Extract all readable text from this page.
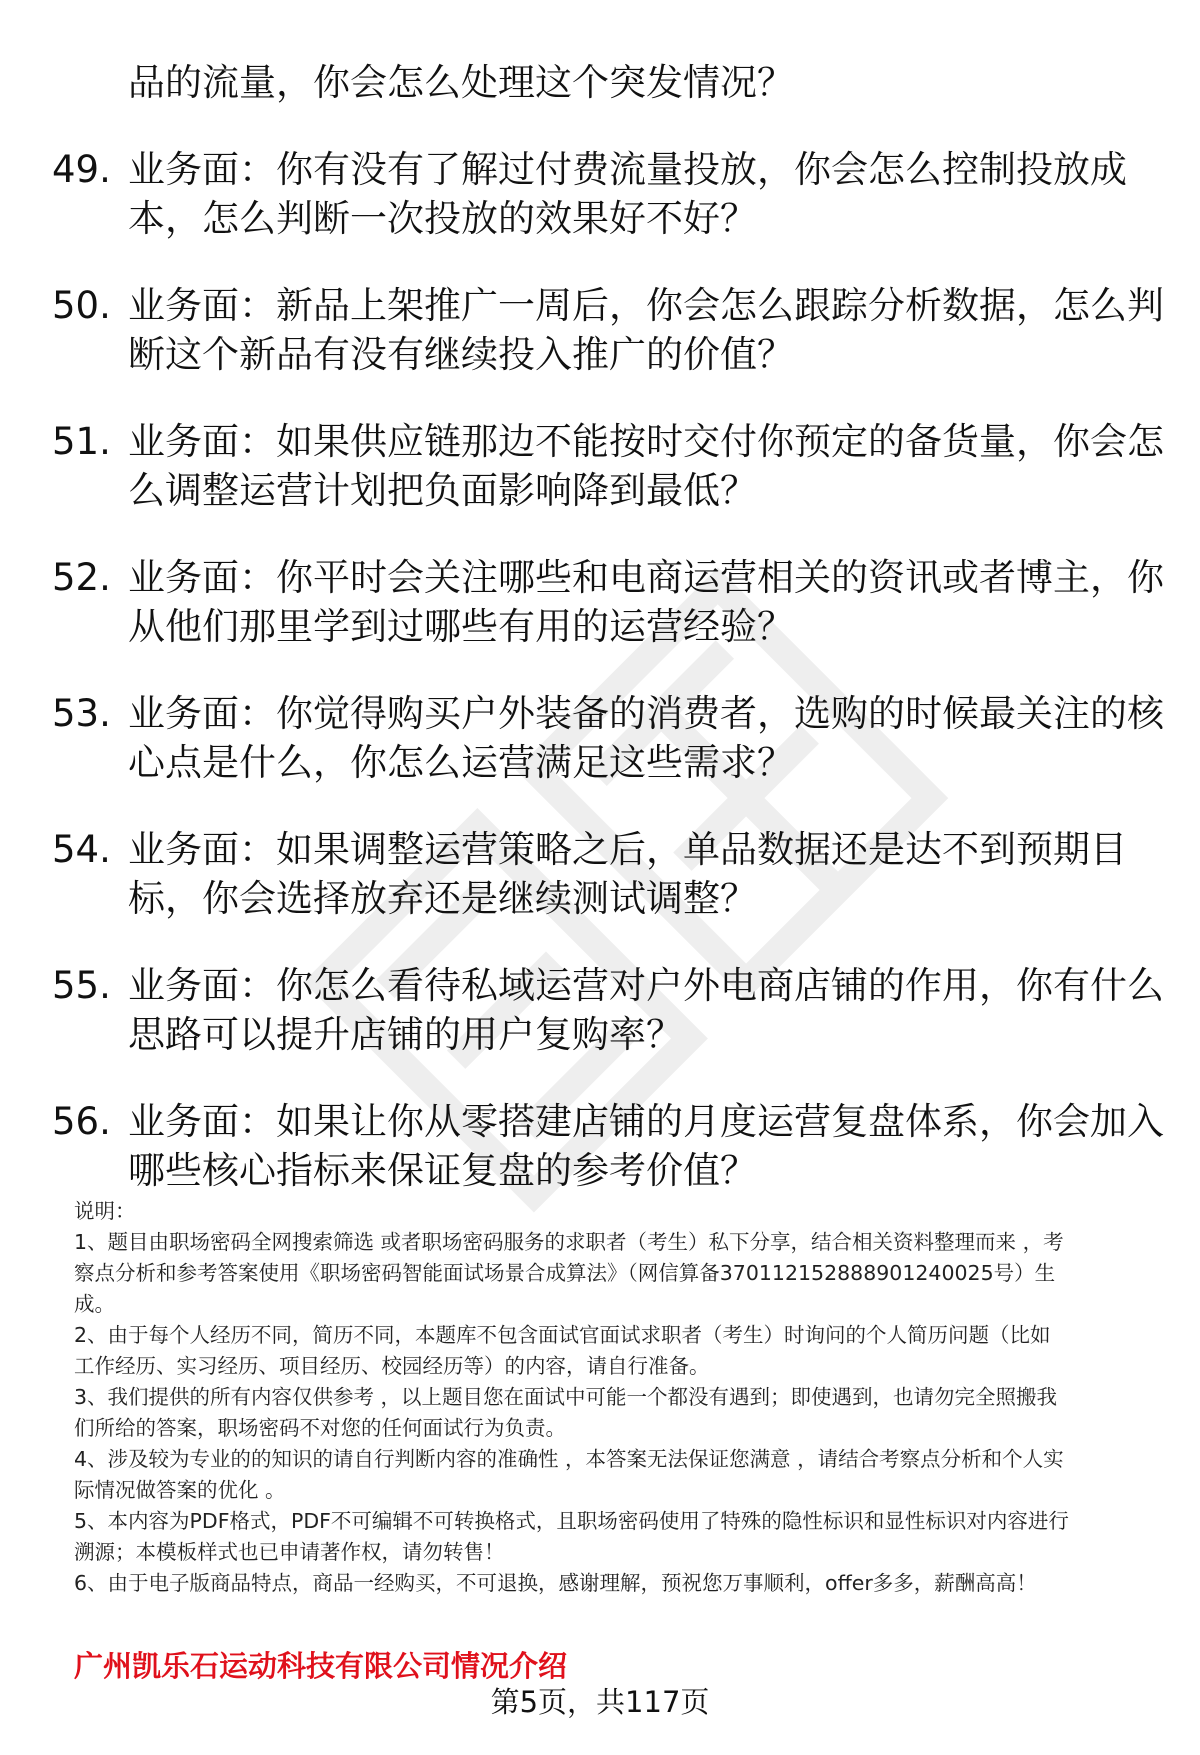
品的流量，你会怎么处理这个突发情况？
49. 业务面：你有没有了解过付费流量投放，你会怎么控制投放成
本，怎么判断一次投放的效果好不好？
50. 业务面：新品上架推广一周后，你会怎么跟踪分析数据，怎么判
断这个新品有没有继续投入推广的价值？
51. 业务面：如果供应链那边不能按时交付你预定的备货量，你会怎
么调整运营计划把负面影响降到最低？
52. 业务面：你平时会关注哪些和电商运营相关的资讯或者博主，你
从他们那里学到过哪些有用的运营经验？
53. 业务面：你觉得购买户外装备的消费者，选购的时候最关注的核
心点是什么，你怎么运营满足这些需求？
54. 业务面：如果调整运营策略之后，单品数据还是达不到预期目
标，你会选择放弃还是继续测试调整？
55. 业务面：你怎么看待私域运营对户外电商店铺的作用，你有什么
思路可以提升店铺的用户复购率？
56. 业务面：如果让你从零搭建店铺的月度运营复盘体系，你会加入
哪些核心指标来保证复盘的参考价值？
说明：
1、题目由职场密码全网搜索筛选 或者职场密码服务的求职者（考生）私下分享，结合相关资料整理而来 ，考
察点分析和参考答案使用《职场密码智能面试场景合成算法》（网信算备370112152888901240025号）生
成。
2、由于每个人经历不同，简历不同，本题库不包含面试官面试求职者（考生）时询问的个人简历问题（比如
工作经历、实习经历、项目经历、校园经历等）的内容，请自行准备。
3、我们提供的所有内容仅供参考 ，以上题目您在面试中可能一个都没有遇到；即使遇到，也请勿完全照搬我
们所给的答案，职场密码不对您的任何面试行为负责。
4、涉及较为专业的的知识的请自行判断内容的准确性 ，本答案无法保证您满意 ，请结合考察点分析和个人实
际情况做答案的优化 。
5、本内容为PDF格式，PDF不可编辑不可转换格式，且职场密码使用了特殊的隐性标识和显性标识对内容进行
溯源；本模板样式也已申请著作权，请勿转售！
6、由于电子版商品特点，商品一经购买，不可退换，感谢理解，预祝您万事顺利，offer多多，薪酬高高！
广州凯乐石运动科技有限公司情况介绍
第5页，共117页
